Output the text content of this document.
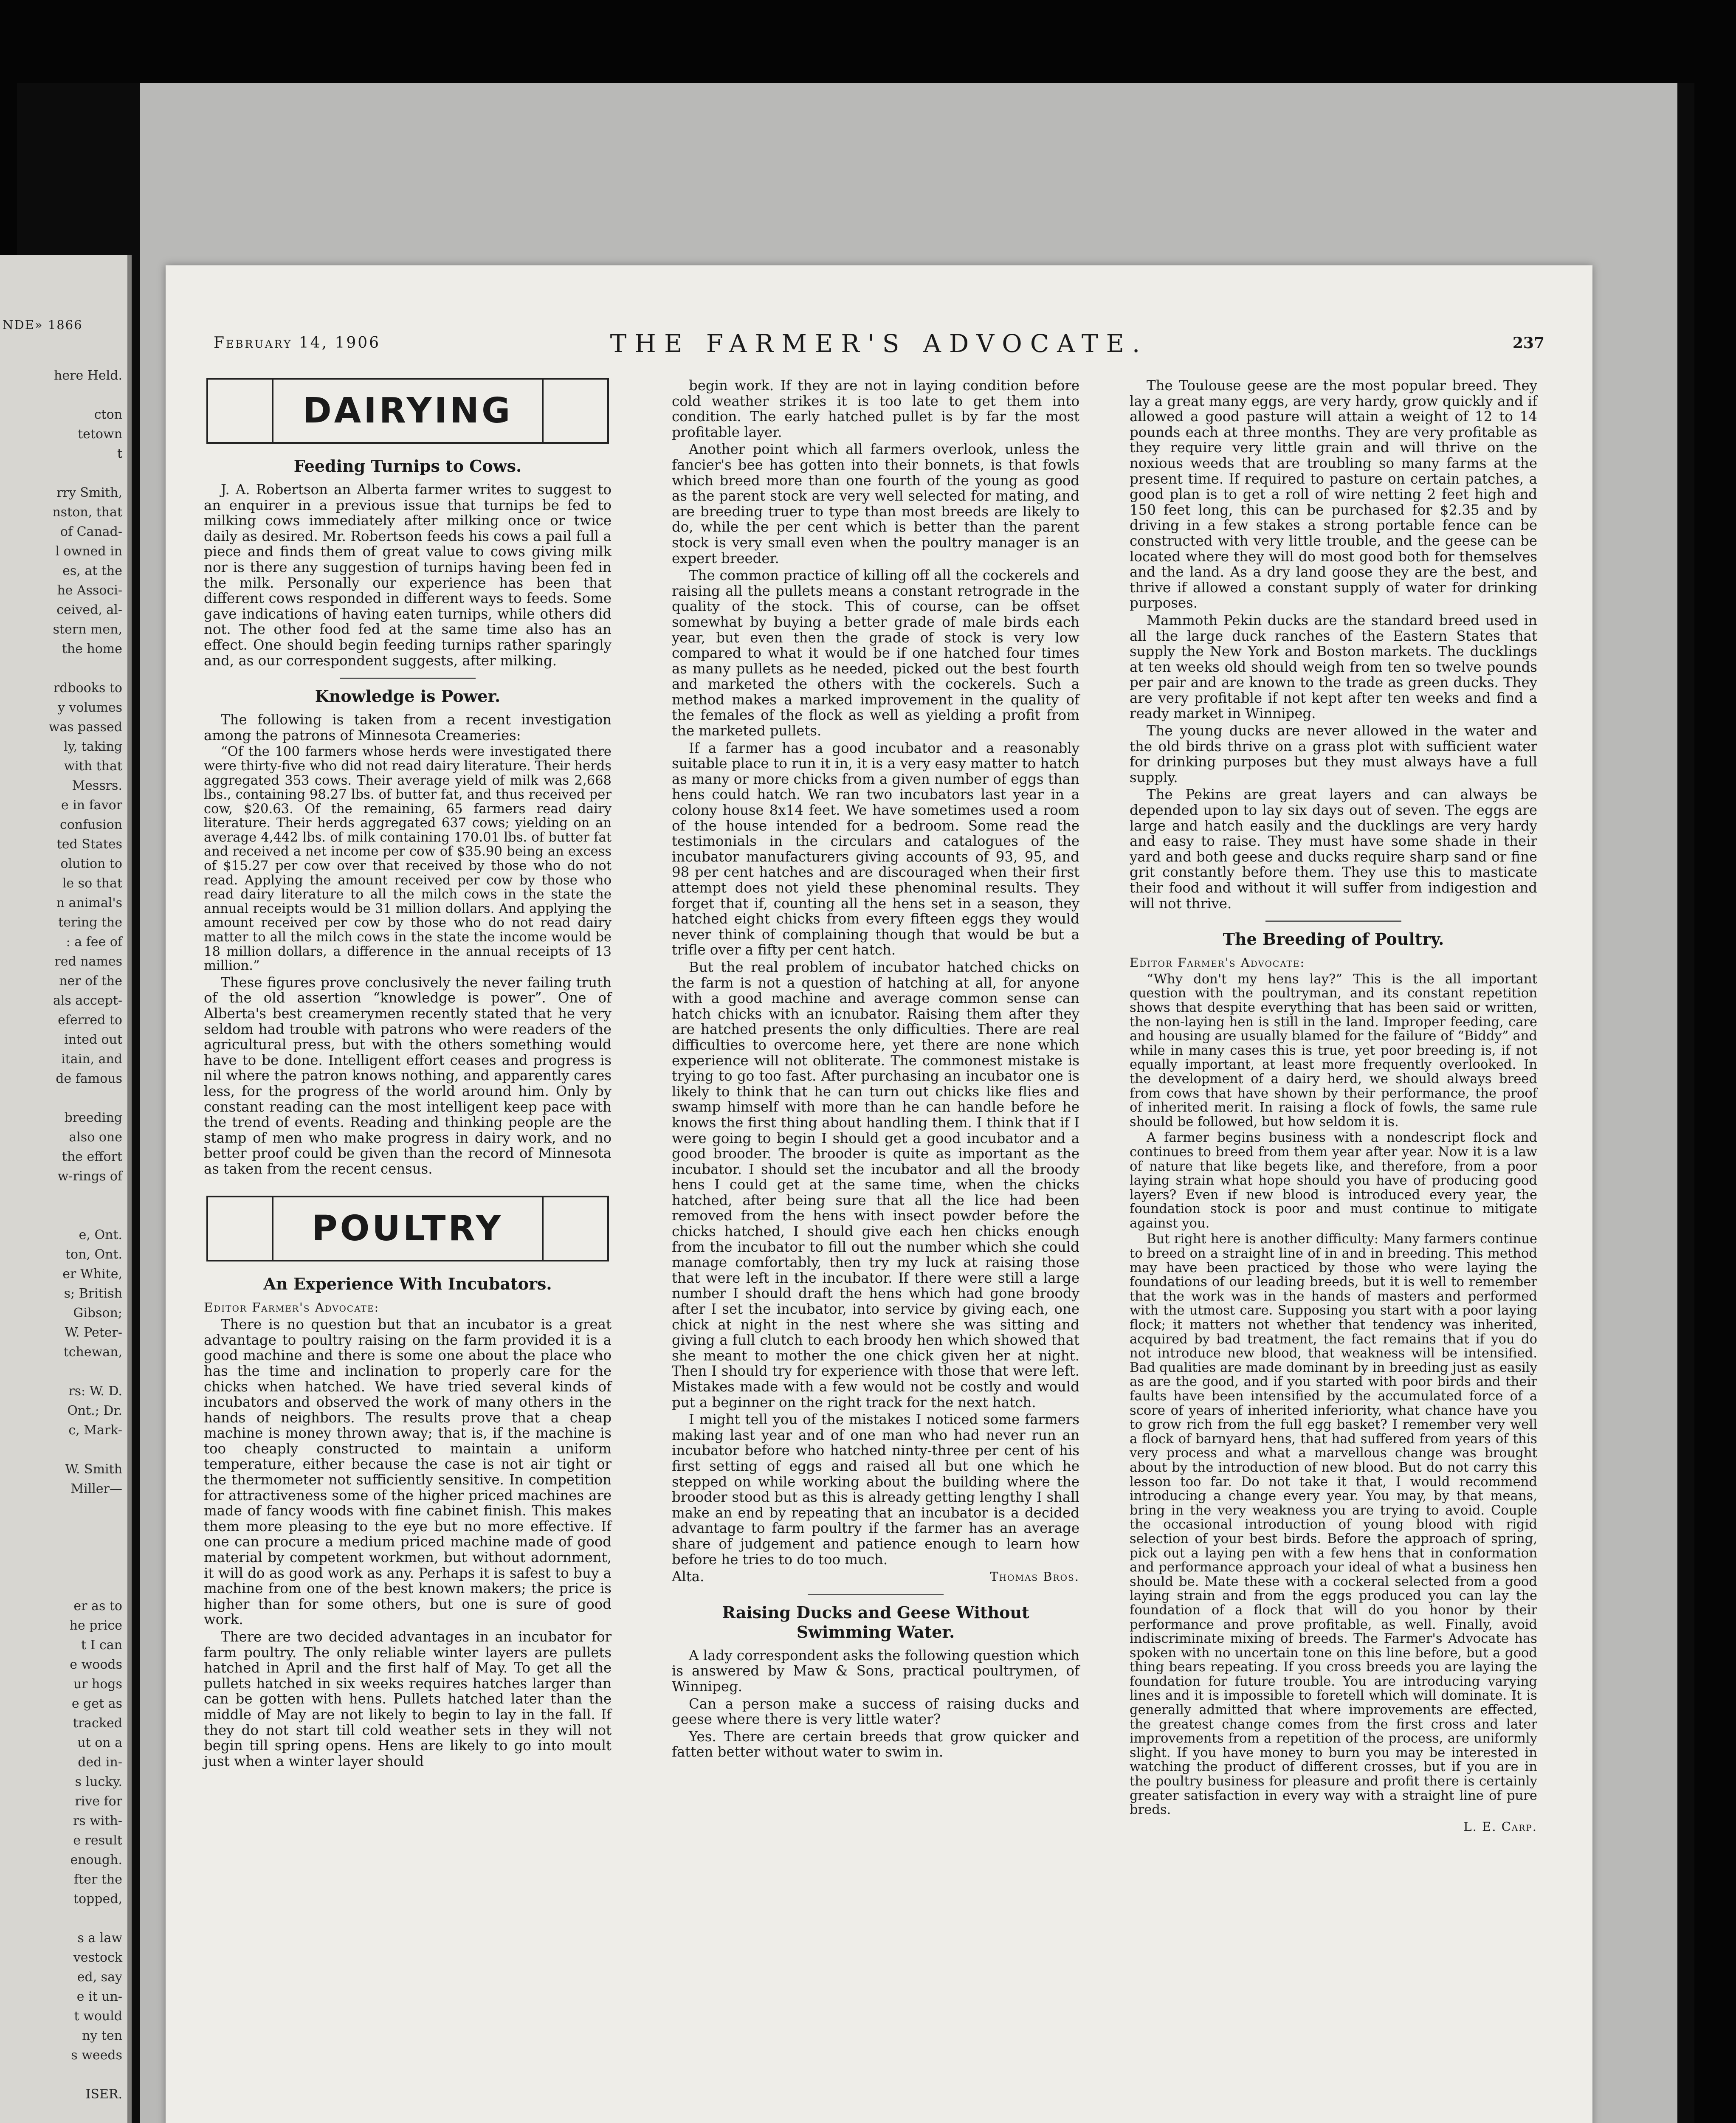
NDE» 1866
here Held.

cton
tetown
t

rry Smith,
nston, that
of Canad-
l owned in
es, at the
he Associ-
ceived, al-
stern men,
the home

rdbooks to
y volumes
was passed
ly, taking
with that
Messrs.
e in favor
confusion
ted States
olution to
le so that
n animal's
tering the
: a fee of
red names
ner of the
als accept-
eferred to
inted out
itain, and
de famous

breeding
also one
the effort
w-rings of

e, Ont.
ton, Ont.
er White,
s; British
Gibson;
W. Peter-
tchewan,

rs: W. D.
Ont.; Dr.
c, Mark-

W. Smith
Miller—

er as to
he price
t I can
e woods
ur hogs
e get as
tracked
ut on a
ded in-
s lucky.
rive for
rs with-
e result
enough.
fter the
topped,

s a law
vestock
ed, say
e it un-
t would
ny ten
s weeds

ISER.

February 14, 1906	THE FARMER'S ADVOCATE.	237
DAIRYING
Feeding Turnips to Cows.

J. A. Robertson an Alberta farmer writes to suggest to an enquirer in a previous issue that turnips be fed to milking cows immediately after milking once or twice daily as desired. Mr. Robertson feeds his cows a pail full a piece and finds them of great value to cows giving milk nor is there any suggestion of turnips having been fed in the milk. Personally our experience has been that different cows responded in different ways to feeds. Some gave indications of having eaten turnips, while others did not. The other food fed at the same time also has an effect. One should begin feeding turnips rather sparingly and, as our correspondent suggests, after milking.

Knowledge is Power.

The following is taken from a recent investigation among the patrons of Minnesota Creameries:

“Of the 100 farmers whose herds were investigated there were thirty-five who did not read dairy literature. Their herds aggregated 353 cows. Their average yield of milk was 2,668 lbs., containing 98.27 lbs. of butter fat, and thus received per cow, $20.63. Of the remaining, 65 farmers read dairy literature. Their herds aggregated 637 cows; yielding on an average 4,442 lbs. of milk containing 170.01 lbs. of butter fat and received a net income per cow of $35.90 being an excess of $15.27 per cow over that received by those who do not read. Applying the amount received per cow by those who read dairy literature to all the milch cows in the state the annual receipts would be 31 million dollars. And applying the amount received per cow by those who do not read dairy matter to all the milch cows in the state the income would be 18 million dollars, a difference in the annual receipts of 13 million.”

These figures prove conclusively the never failing truth of the old assertion “knowledge is power”. One of Alberta's best creamerymen recently stated that he very seldom had trouble with patrons who were readers of the agricultural press, but with the others something would have to be done. Intelligent effort ceases and progress is nil where the patron knows nothing, and apparently cares less, for the progress of the world around him. Only by constant reading can the most intelligent keep pace with the trend of events. Reading and thinking people are the stamp of men who make progress in dairy work, and no better proof could be given than the record of Minnesota as taken from the recent census.

POULTRY
An Experience With Incubators.

Editor Farmer's Advocate:

There is no question but that an incubator is a great advantage to poultry raising on the farm provided it is a good machine and there is some one about the place who has the time and inclination to properly care for the chicks when hatched. We have tried several kinds of incubators and observed the work of many others in the hands of neighbors. The results prove that a cheap machine is money thrown away; that is, if the machine is too cheaply constructed to maintain a uniform temperature, either because the case is not air tight or the thermometer not sufficiently sensitive. In competition for attractiveness some of the higher priced machines are made of fancy woods with fine cabinet finish. This makes them more pleasing to the eye but no more effective. If one can procure a medium priced machine made of good material by competent workmen, but without adornment, it will do as good work as any. Perhaps it is safest to buy a machine from one of the best known makers; the price is higher than for some others, but one is sure of good work.

There are two decided advantages in an incubator for farm poultry. The only reliable winter layers are pullets hatched in April and the first half of May. To get all the pullets hatched in six weeks requires hatches larger than can be gotten with hens. Pullets hatched later than the middle of May are not likely to begin to lay in the fall. If they do not start till cold weather sets in they will not begin till spring opens. Hens are likely to go into moult just when a winter layer should

begin work. If they are not in laying condition before cold weather strikes it is too late to get them into condition. The early hatched pullet is by far the most profitable layer.

Another point which all farmers overlook, unless the fancier's bee has gotten into their bonnets, is that fowls which breed more than one fourth of the young as good as the parent stock are very well selected for mating, and are breeding truer to type than most breeds are likely to do, while the per cent which is better than the parent stock is very small even when the poultry manager is an expert breeder.

The common practice of killing off all the cockerels and raising all the pullets means a constant retrograde in the quality of the stock. This of course, can be offset somewhat by buying a better grade of male birds each year, but even then the grade of stock is very low compared to what it would be if one hatched four times as many pullets as he needed, picked out the best fourth and marketed the others with the cockerels. Such a method makes a marked improvement in the quality of the females of the flock as well as yielding a profit from the marketed pullets.

If a farmer has a good incubator and a reasonably suitable place to run it in, it is a very easy matter to hatch as many or more chicks from a given number of eggs than hens could hatch. We ran two incubators last year in a colony house 8x14 feet. We have sometimes used a room of the house intended for a bedroom. Some read the testimonials in the circulars and catalogues of the incubator manufacturers giving accounts of 93, 95, and 98 per cent hatches and are discouraged when their first attempt does not yield these phenominal results. They forget that if, counting all the hens set in a season, they hatched eight chicks from every fifteen eggs they would never think of complaining though that would be but a trifle over a fifty per cent hatch.

But the real problem of incubator hatched chicks on the farm is not a question of hatching at all, for anyone with a good machine and average common sense can hatch chicks with an icnubator. Raising them after they are hatched presents the only difficulties. There are real difficulties to overcome here, yet there are none which experience will not obliterate. The commonest mistake is trying to go too fast. After purchasing an incubator one is likely to think that he can turn out chicks like flies and swamp himself with more than he can handle before he knows the first thing about handling them. I think that if I were going to begin I should get a good incubator and a good brooder. The brooder is quite as important as the incubator. I should set the incubator and all the broody hens I could get at the same time, when the chicks hatched, after being sure that all the lice had been removed from the hens with insect powder before the chicks hatched, I should give each hen chicks enough from the incubator to fill out the number which she could manage comfortably, then try my luck at raising those that were left in the incubator. If there were still a large number I should draft the hens which had gone broody after I set the incubator, into service by giving each, one chick at night in the nest where she was sitting and giving a full clutch to each broody hen which showed that she meant to mother the one chick given her at night. Then I should try for experience with those that were left. Mistakes made with a few would not be costly and would put a beginner on the right track for the next hatch.

I might tell you of the mistakes I noticed some farmers making last year and of one man who had never run an incubator before who hatched ninty-three per cent of his first setting of eggs and raised all but one which he stepped on while working about the building where the brooder stood but as this is already getting lengthy I shall make an end by repeating that an incubator is a decided advantage to farm poultry if the farmer has an average share of judgement and patience enough to learn how before he tries to do too much.

Alta.	Thomas Bros.

Raising Ducks and Geese Without Swimming Water.

A lady correspondent asks the following question which is answered by Maw & Sons, practical poultrymen, of Winnipeg.

Can a person make a success of raising ducks and geese where there is very little water?

Yes. There are certain breeds that grow quicker and fatten better without water to swim in.

The Toulouse geese are the most popular breed. They lay a great many eggs, are very hardy, grow quickly and if allowed a good pasture will attain a weight of 12 to 14 pounds each at three months. They are very profitable as they require very little grain and will thrive on the noxious weeds that are troubling so many farms at the present time. If required to pasture on certain patches, a good plan is to get a roll of wire netting 2 feet high and 150 feet long, this can be purchased for $2.35 and by driving in a few stakes a strong portable fence can be constructed with very little trouble, and the geese can be located where they will do most good both for themselves and the land. As a dry land goose they are the best, and thrive if allowed a constant supply of water for drinking purposes.

Mammoth Pekin ducks are the standard breed used in all the large duck ranches of the Eastern States that supply the New York and Boston markets. The ducklings at ten weeks old should weigh from ten so twelve pounds per pair and are known to the trade as green ducks. They are very profitable if not kept after ten weeks and find a ready market in Winnipeg.

The young ducks are never allowed in the water and the old birds thrive on a grass plot with sufficient water for drinking purposes but they must always have a full supply.

The Pekins are great layers and can always be depended upon to lay six days out of seven. The eggs are large and hatch easily and the ducklings are very hardy and easy to raise. They must have some shade in their yard and both geese and ducks require sharp sand or fine grit constantly before them. They use this to masticate their food and without it will suffer from indigestion and will not thrive.

The Breeding of Poultry.

Editor Farmer's Advocate:

“Why don't my hens lay?” This is the all important question with the poultryman, and its constant repetition shows that despite everything that has been said or written, the non-laying hen is still in the land. Improper feeding, care and housing are usually blamed for the failure of “Biddy” and while in many cases this is true, yet poor breeding is, if not equally important, at least more frequently overlooked. In the development of a dairy herd, we should always breed from cows that have shown by their performance, the proof of inherited merit. In raising a flock of fowls, the same rule should be followed, but how seldom it is.

A farmer begins business with a nondescript flock and continues to breed from them year after year. Now it is a law of nature that like begets like, and therefore, from a poor laying strain what hope should you have of producing good layers? Even if new blood is introduced every year, the foundation stock is poor and must continue to mitigate against you.

But right here is another difficulty: Many farmers continue to breed on a straight line of in and in breeding. This method may have been practiced by those who were laying the foundations of our leading breeds, but it is well to remember that the work was in the hands of masters and performed with the utmost care. Supposing you start with a poor laying flock; it matters not whether that tendency was inherited, acquired by bad treatment, the fact remains that if you do not introduce new blood, that weakness will be intensified. Bad qualities are made dominant by in breeding just as easily as are the good, and if you started with poor birds and their faults have been intensified by the accumulated force of a score of years of inherited inferiority, what chance have you to grow rich from the full egg basket? I remember very well a flock of barnyard hens, that had suffered from years of this very process and what a marvellous change was brought about by the introduction of new blood. But do not carry this lesson too far. Do not take it that, I would recommend introducing a change every year. You may, by that means, bring in the very weakness you are trying to avoid. Couple the occasional introduction of young blood with rigid selection of your best birds. Before the approach of spring, pick out a laying pen with a few hens that in conformation and performance approach your ideal of what a business hen should be. Mate these with a cockeral selected from a good laying strain and from the eggs produced you can lay the foundation of a flock that will do you honor by their performance and prove profitable, as well. Finally, avoid indiscriminate mixing of breeds. The Farmer's Advocate has spoken with no uncertain tone on this line before, but a good thing bears repeating. If you cross breeds you are laying the foundation for future trouble. You are introducing varying lines and it is impossible to foretell which will dominate. It is generally admitted that where improvements are effected, the greatest change comes from the first cross and later improvements from a repetition of the process, are uniformly slight. If you have money to burn you may be interested in watching the product of different crosses, but if you are in the poultry business for pleasure and profit there is certainly greater satisfaction in every way with a straight line of pure breds.

L. E. Carp.
